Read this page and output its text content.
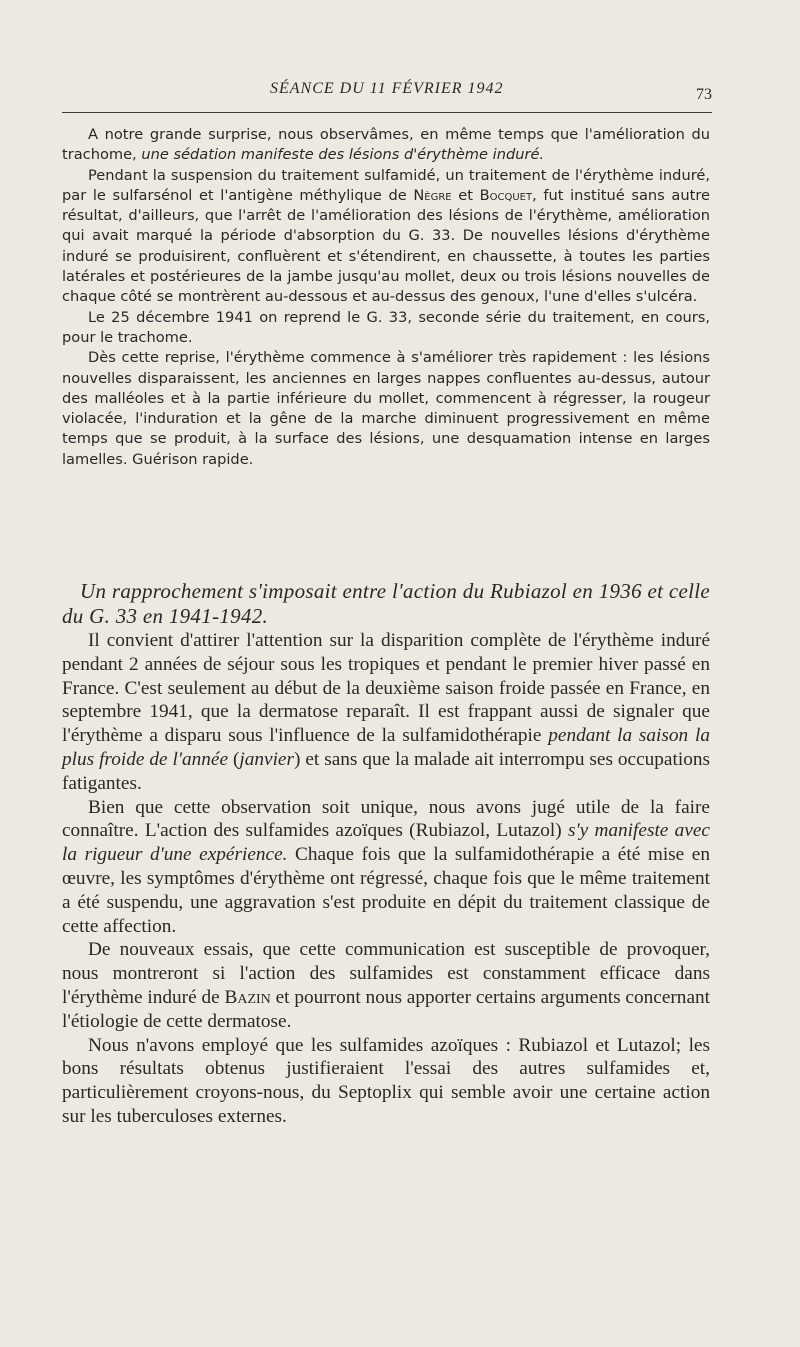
SÉANCE DU 11 FÉVRIER 1942	73

A notre grande surprise, nous observâmes, en même temps que l'amélioration du trachome, une sédation manifeste des lésions d'érythème induré.

Pendant la suspension du traitement sulfamidé, un traitement de l'érythème induré, par le sulfarsénol et l'antigène méthylique de Nègre et Bocquet, fut institué sans autre résultat, d'ailleurs, que l'arrêt de l'amélioration des lésions de l'érythème, amélioration qui avait marqué la période d'absorption du G. 33. De nouvelles lésions d'érythème induré se produisirent, confluèrent et s'étendirent, en chaussette, à toutes les parties latérales et postérieures de la jambe jusqu'au mollet, deux ou trois lésions nouvelles de chaque côté se montrèrent au-dessous et au-dessus des genoux, l'une d'elles s'ulcéra.

Le 25 décembre 1941 on reprend le G. 33, seconde série du traitement, en cours, pour le trachome.

Dès cette reprise, l'érythème commence à s'améliorer très rapidement : les lésions nouvelles disparaissent, les anciennes en larges nappes confluentes au-dessus, autour des malléoles et à la partie inférieure du mollet, commencent à régresser, la rougeur violacée, l'induration et la gêne de la marche diminuent progressivement en même temps que se produit, à la surface des lésions, une desquamation intense en larges lamelles. Guérison rapide.

Un rapprochement s'imposait entre l'action du Rubiazol en 1936 et celle du G. 33 en 1941-1942.

Il convient d'attirer l'attention sur la disparition complète de l'érythème induré pendant 2 années de séjour sous les tropiques et pendant le premier hiver passé en France. C'est seulement au début de la deuxième saison froide passée en France, en septembre 1941, que la dermatose reparaît. Il est frappant aussi de signaler que l'érythème a disparu sous l'influence de la sulfamidothérapie pendant la saison la plus froide de l'année (janvier) et sans que la malade ait interrompu ses occupations fatigantes.

Bien que cette observation soit unique, nous avons jugé utile de la faire connaître. L'action des sulfamides azoïques (Rubiazol, Lutazol) s'y manifeste avec la rigueur d'une expérience. Chaque fois que la sulfamidothérapie a été mise en œuvre, les symptômes d'érythème ont régressé, chaque fois que le même traitement a été suspendu, une aggravation s'est produite en dépit du traitement classique de cette affection.

De nouveaux essais, que cette communication est susceptible de provoquer, nous montreront si l'action des sulfamides est constamment efficace dans l'érythème induré de Bazin et pourront nous apporter certains arguments concernant l'étiologie de cette dermatose.

Nous n'avons employé que les sulfamides azoïques : Rubiazol et Lutazol; les bons résultats obtenus justifieraient l'essai des autres sulfamides et, particulièrement croyons-nous, du Septoplix qui semble avoir une certaine action sur les tuberculoses externes.
